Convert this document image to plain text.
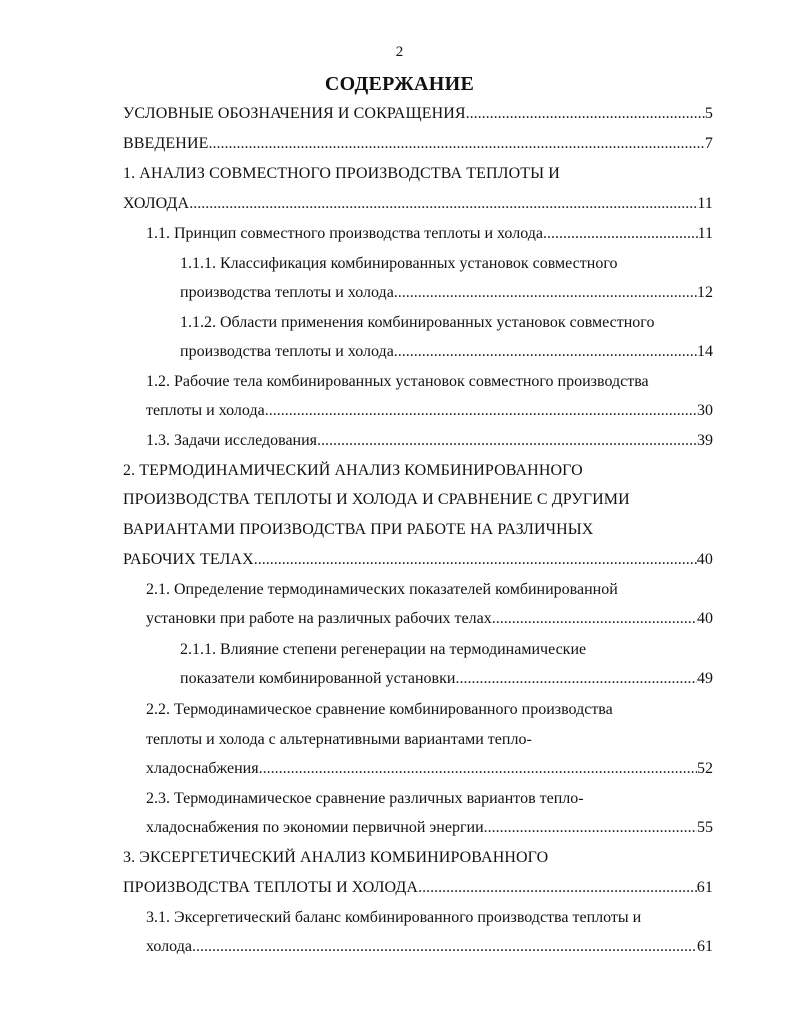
2
СОДЕРЖАНИЕ
УСЛОВНЫЕ ОБОЗНАЧЕНИЯ И СОКРАЩЕНИЯ .....	5
ВВЕДЕНИЕ .....	7
1. АНАЛИЗ СОВМЕСТНОГО ПРОИЗВОДСТВА ТЕПЛОТЫ И
ХОЛОДА .....	11
1.1. Принцип совместного производства теплоты и холода .....	11
1.1.1. Классификация комбинированных установок совместного
производства теплоты и холода .....	12
1.1.2. Области применения комбинированных установок совместного
производства теплоты и холода .....	14
1.2. Рабочие тела комбинированных установок совместного производства
теплоты и холода .....	30
1.3. Задачи исследования .....	39
2. ТЕРМОДИНАМИЧЕСКИЙ АНАЛИЗ КОМБИНИРОВАННОГО
ПРОИЗВОДСТВА ТЕПЛОТЫ И ХОЛОДА И СРАВНЕНИЕ С ДРУГИМИ
ВАРИАНТАМИ ПРОИЗВОДСТВА ПРИ РАБОТЕ НА РАЗЛИЧНЫХ
РАБОЧИХ ТЕЛАХ .....	40
2.1. Определение термодинамических показателей комбинированной
установки при работе на различных рабочих телах .....	40
2.1.1. Влияние степени регенерации на термодинамические
показатели комбинированной установки .....	49
2.2. Термодинамическое сравнение комбинированного производства
теплоты и холода с альтернативными вариантами тепло-
хладоснабжения .....	52
2.3. Термодинамическое сравнение различных вариантов тепло-
хладоснабжения по экономии первичной энергии .....	55
3. ЭКСЕРГЕТИЧЕСКИЙ АНАЛИЗ КОМБИНИРОВАННОГО
ПРОИЗВОДСТВА ТЕПЛОТЫ И ХОЛОДА .....	61
3.1. Эксергетический баланс комбинированного производства теплоты и
холода .....	61
